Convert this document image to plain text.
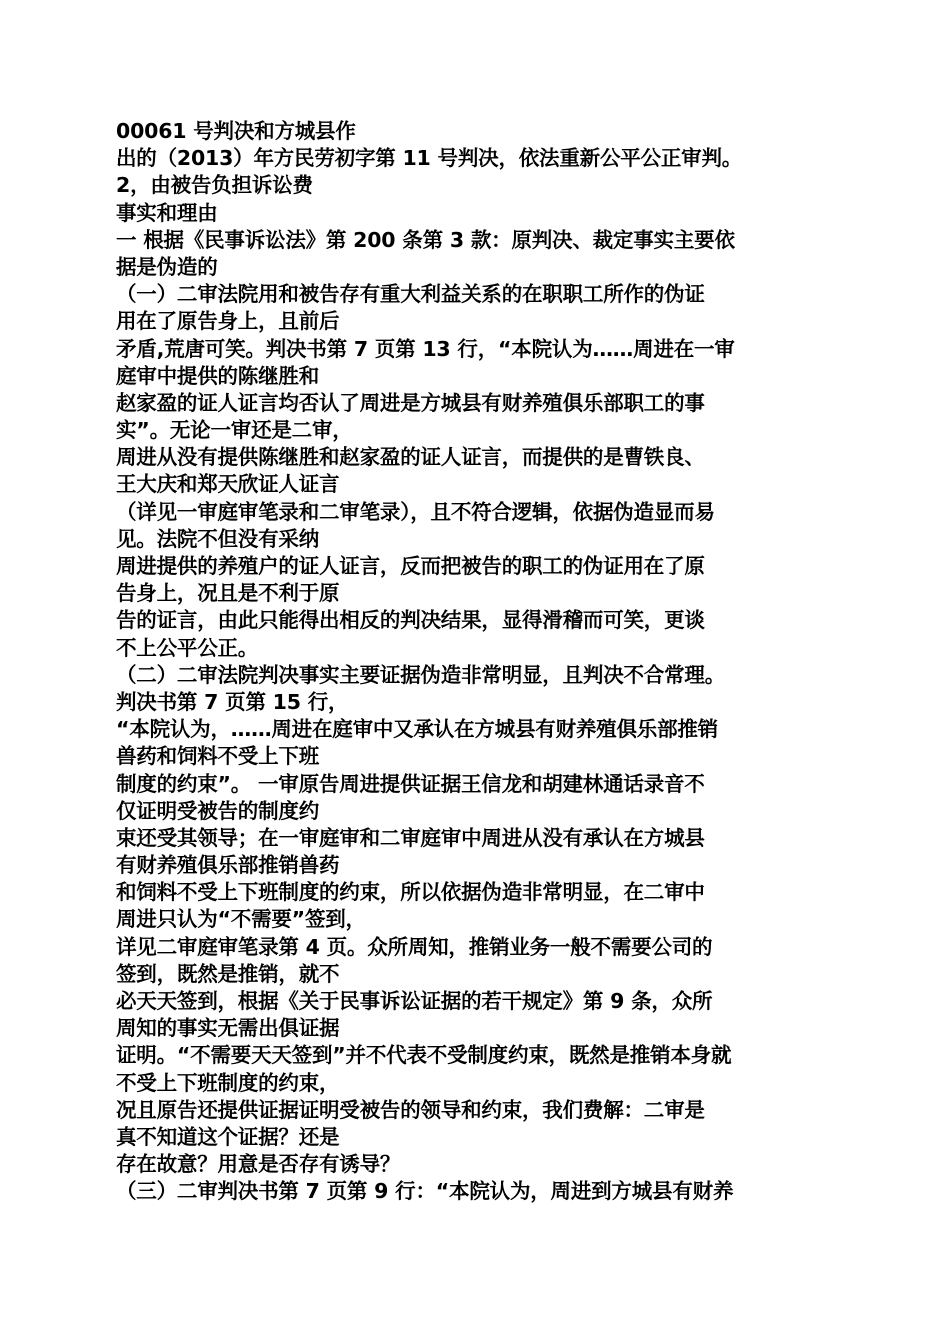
00061 号判决和方城县作
出的（2013）年方民劳初字第 11 号判决，依法重新公平公正审判。
2，由被告负担诉讼费
事实和理由
一 根据《民事诉讼法》第 200 条第 3 款：原判决、裁定事实主要依
据是伪造的
（一）二审法院用和被告存有重大利益关系的在职职工所作的伪证
用在了原告身上，且前后
矛盾,荒唐可笑。判决书第 7 页第 13 行，“本院认为……周进在一审
庭审中提供的陈继胜和
赵家盈的证人证言均否认了周进是方城县有财养殖俱乐部职工的事
实”。无论一审还是二审，
周进从没有提供陈继胜和赵家盈的证人证言，而提供的是曹铁良、
王大庆和郑天欣证人证言
（详见一审庭审笔录和二审笔录），且不符合逻辑，依据伪造显而易
见。法院不但没有采纳
周进提供的养殖户的证人证言，反而把被告的职工的伪证用在了原
告身上，况且是不利于原
告的证言，由此只能得出相反的判决结果，显得滑稽而可笑，更谈
不上公平公正。
（二）二审法院判决事实主要证据伪造非常明显，且判决不合常理。
判决书第 7 页第 15 行，
“本院认为，……周进在庭审中又承认在方城县有财养殖俱乐部推销
兽药和饲料不受上下班
制度的约束”。 一审原告周进提供证据王信龙和胡建林通话录音不
仅证明受被告的制度约
束还受其领导；在一审庭审和二审庭审中周进从没有承认在方城县
有财养殖俱乐部推销兽药
和饲料不受上下班制度的约束，所以依据伪造非常明显，在二审中
周进只认为“不需要”签到，
详见二审庭审笔录第 4 页。众所周知，推销业务一般不需要公司的
签到，既然是推销，就不
必天天签到，根据《关于民事诉讼证据的若干规定》第 9 条，众所
周知的事实无需出俱证据
证明。“不需要天天签到”并不代表不受制度约束，既然是推销本身就
不受上下班制度的约束，
况且原告还提供证据证明受被告的领导和约束，我们费解：二审是
真不知道这个证据？还是
存在故意？用意是否存有诱导？
（三）二审判决书第 7 页第 9 行：“本院认为，周进到方城县有财养
